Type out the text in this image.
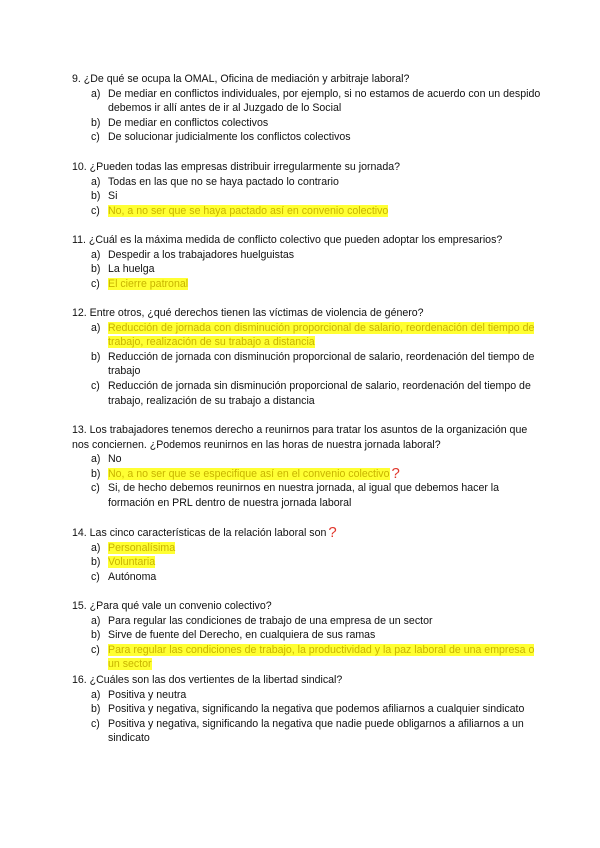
9. ¿De qué se ocupa la OMAL, Oficina de mediación y arbitraje laboral?

a) De mediar en conflictos individuales, por ejemplo, si no estamos de acuerdo con un despido debemos ir allí antes de ir al Juzgado de lo Social

b) De mediar en conflictos colectivos

c) De solucionar judicialmente los conflictos colectivos

10. ¿Pueden todas las empresas distribuir irregularmente su jornada?

a) Todas en las que no se haya pactado lo contrario

b) Si

c) No, a no ser que se haya pactado así en convenio colectivo

11. ¿Cuál es la máxima medida de conflicto colectivo que pueden adoptar los empresarios?

a) Despedir a los trabajadores huelguistas

b) La huelga

c) El cierre patronal

12. Entre otros, ¿qué derechos tienen las víctimas de violencia de género?

a) Reducción de jornada con disminución proporcional de salario, reordenación del tiempo de trabajo, realización de su trabajo a distancia

b) Reducción de jornada con disminución proporcional de salario, reordenación del tiempo de trabajo

c) Reducción de jornada sin disminución proporcional de salario, reordenación del tiempo de trabajo, realización de su trabajo a distancia

13. Los trabajadores tenemos derecho a reunirnos para tratar los asuntos de la organización que nos conciernen. ¿Podemos reunirnos en las horas de nuestra jornada laboral?

a) No

b) No, a no ser que se especifique así en el convenio colectivo ?

c) Si, de hecho debemos reunirnos en nuestra jornada, al igual que debemos hacer la formación en PRL dentro de nuestra jornada laboral

14. Las cinco características de la relación laboral son ?

a) Personalísima

b) Voluntaria

c) Autónoma

15. ¿Para qué vale un convenio colectivo?

a) Para regular las condiciones de trabajo de una empresa de un sector

b) Sirve de fuente del Derecho, en cualquiera de sus ramas

c) Para regular las condiciones de trabajo, la productividad y la paz laboral de una empresa o un sector

16. ¿Cuáles son las dos vertientes de la libertad sindical?

a) Positiva y neutra

b) Positiva y negativa, significando la negativa que podemos afiliarnos a cualquier sindicato

c) Positiva y negativa, significando la negativa que nadie puede obligarnos a afiliarnos a un sindicato
